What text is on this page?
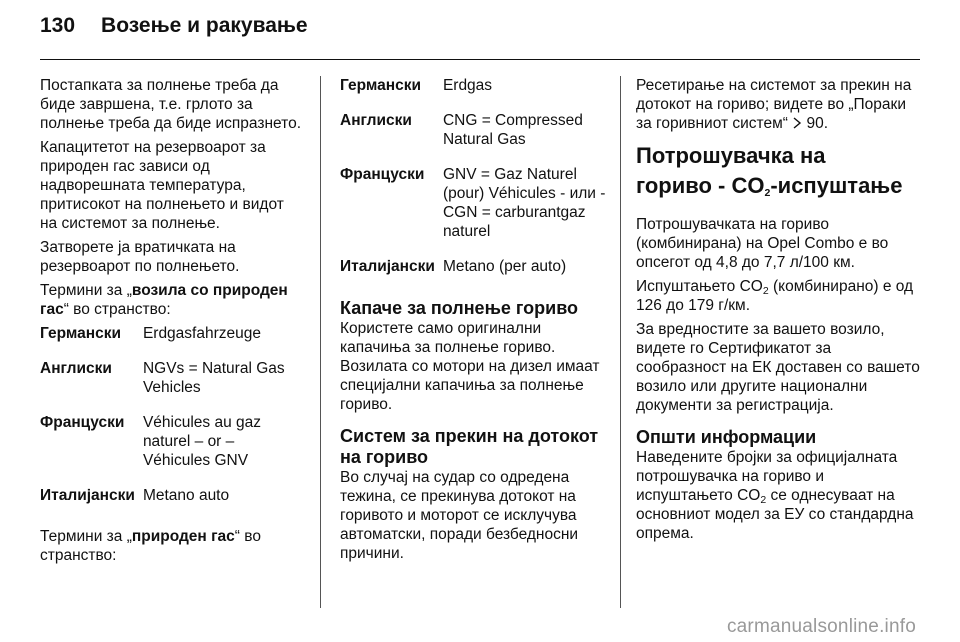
130 Возење и ракување

Постапката за полнење треба да биде завршена, т.е. грлото за полнење треба да биде испразнето.

Капацитетот на резервоарот за природен гас зависи од надворешната температура, притисокот на полнењето и видот на системот за полнење.

Затворете ја вратичката на резервоарот по полнењето.

Термини за „возила со природен гас“ во странство:

Германски	Erdgasfahrzeuge
Англиски	NGVs = Natural Gas Vehicles
Француски	Véhicules au gaz naturel – or – Véhicules GNV
Италијански	Metano auto

Термини за „природен гас“ во странство:

Германски	Erdgas
Англиски	CNG = Compressed Natural Gas
Француски	GNV = Gaz Naturel (pour) Véhicules - или -
CGN = carburantgaz naturel

Италијански	Metano (per auto)
Капаче за полнење гориво

Користете само оригинални капачиња за полнење гориво. Возилата со мотори на дизел имаат специјални капачиња за полнење гориво.

Систем за прекин на дотокот на гориво

Во случај на судар со одредена тежина, се прекинува дотокот на горивото и моторот се исклучува автоматски, поради безбедносни причини.

Ресетирање на системот за прекин на дотокот на гориво; видете во „Пораки за горивниот систем“  90.

Потрошувачка на
гориво - $CO_2$-испуштање

Потрошувачката на гориво (комбинирана) на Opel Combo е во опсегот од 4,8 до 7,7 л/100 км.

Испуштањето $CO_2$ (комбинирано) е од 126 до 179 г/км.

За вредностите за вашето возило, видете го Сертификатот за сообразност на ЕК доставен со вашето возило или другите национални документи за регистрација.

Општи информации

Наведените бројки за официјалната потрошувачка на гориво и испуштањето $CO_2$ се однесуваат на основниот модел за ЕУ со стандардна опрема.

carmanualsonline.info
